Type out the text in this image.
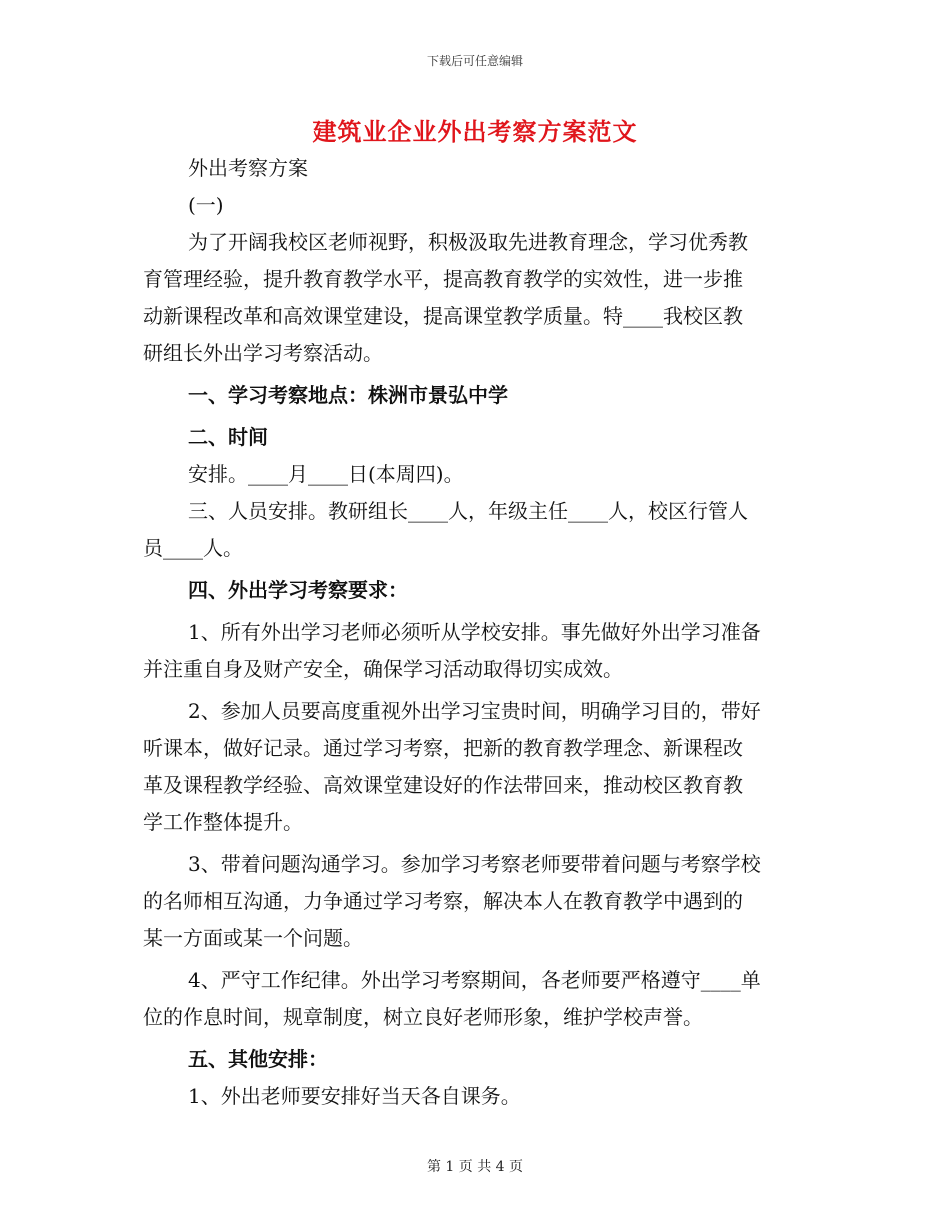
下载后可任意编辑
建筑业企业外出考察方案范文
外出考察方案
(一)
为了开阔我校区老师视野，积极汲取先进教育理念，学习优秀教
育管理经验，提升教育教学水平，提高教育教学的实效性，进一步推
动新课程改革和高效课堂建设，提高课堂教学质量。特____我校区教
研组长外出学习考察活动。
一、学习考察地点：株洲市景弘中学
二、时间
安排。____月____日(本周四)。
三、人员安排。教研组长____人，年级主任____人，校区行管人
员____人。
四、外出学习考察要求：
1、所有外出学习老师必须听从学校安排。事先做好外出学习准备
并注重自身及财产安全，确保学习活动取得切实成效。
2、参加人员要高度重视外出学习宝贵时间，明确学习目的，带好
听课本，做好记录。通过学习考察，把新的教育教学理念、新课程改
革及课程教学经验、高效课堂建设好的作法带回来，推动校区教育教
学工作整体提升。
3、带着问题沟通学习。参加学习考察老师要带着问题与考察学校
的名师相互沟通，力争通过学习考察，解决本人在教育教学中遇到的
某一方面或某一个问题。
4、严守工作纪律。外出学习考察期间，各老师要严格遵守____单
位的作息时间，规章制度，树立良好老师形象，维护学校声誉。
五、其他安排：
1、外出老师要安排好当天各自课务。
第 1 页 共 4 页
